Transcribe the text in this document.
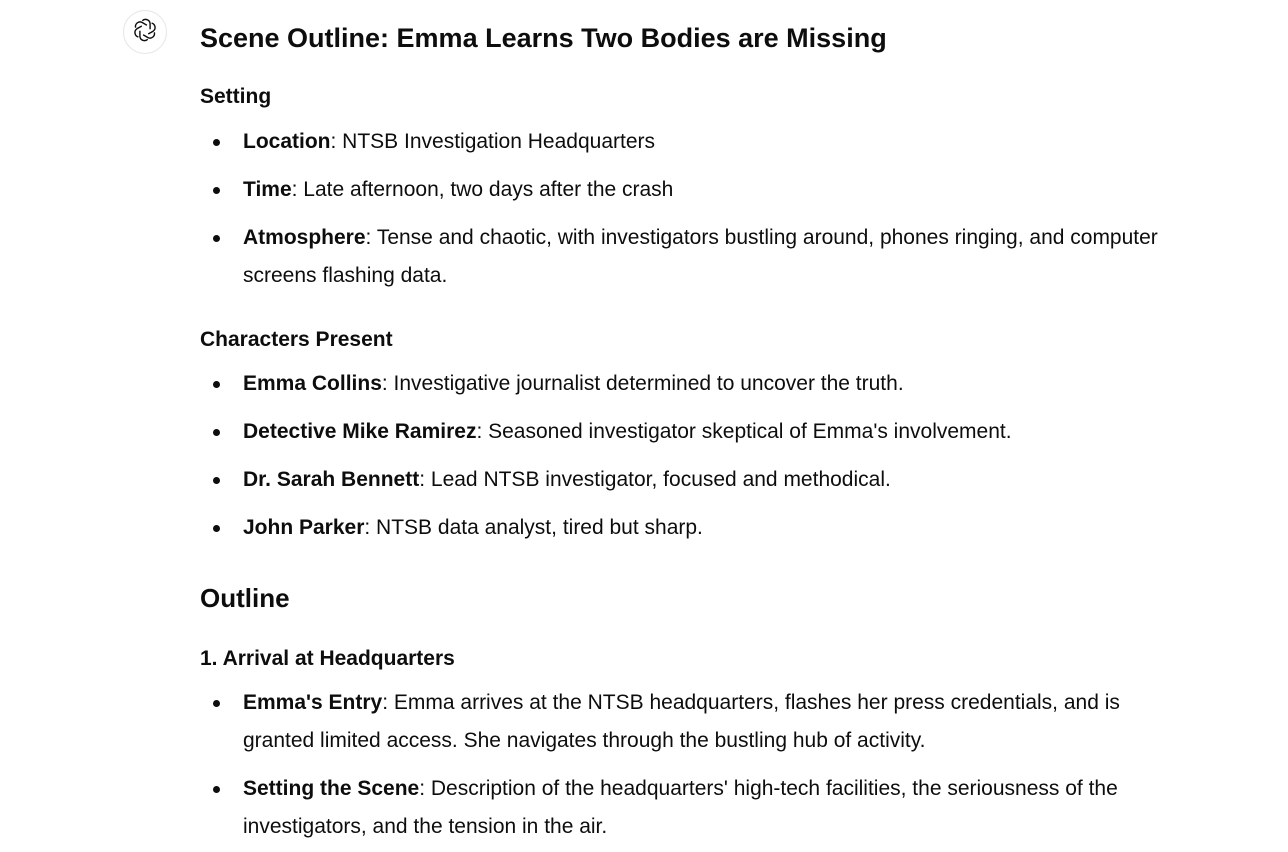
Scene Outline: Emma Learns Two Bodies are Missing
Setting
Location: NTSB Investigation Headquarters
Time: Late afternoon, two days after the crash
Atmosphere: Tense and chaotic, with investigators bustling around, phones ringing, and computer screens flashing data.
Characters Present
Emma Collins: Investigative journalist determined to uncover the truth.
Detective Mike Ramirez: Seasoned investigator skeptical of Emma's involvement.
Dr. Sarah Bennett: Lead NTSB investigator, focused and methodical.
John Parker: NTSB data analyst, tired but sharp.
Outline
1. Arrival at Headquarters
Emma's Entry: Emma arrives at the NTSB headquarters, flashes her press credentials, and is granted limited access. She navigates through the bustling hub of activity.
Setting the Scene: Description of the headquarters' high-tech facilities, the seriousness of the investigators, and the tension in the air.
